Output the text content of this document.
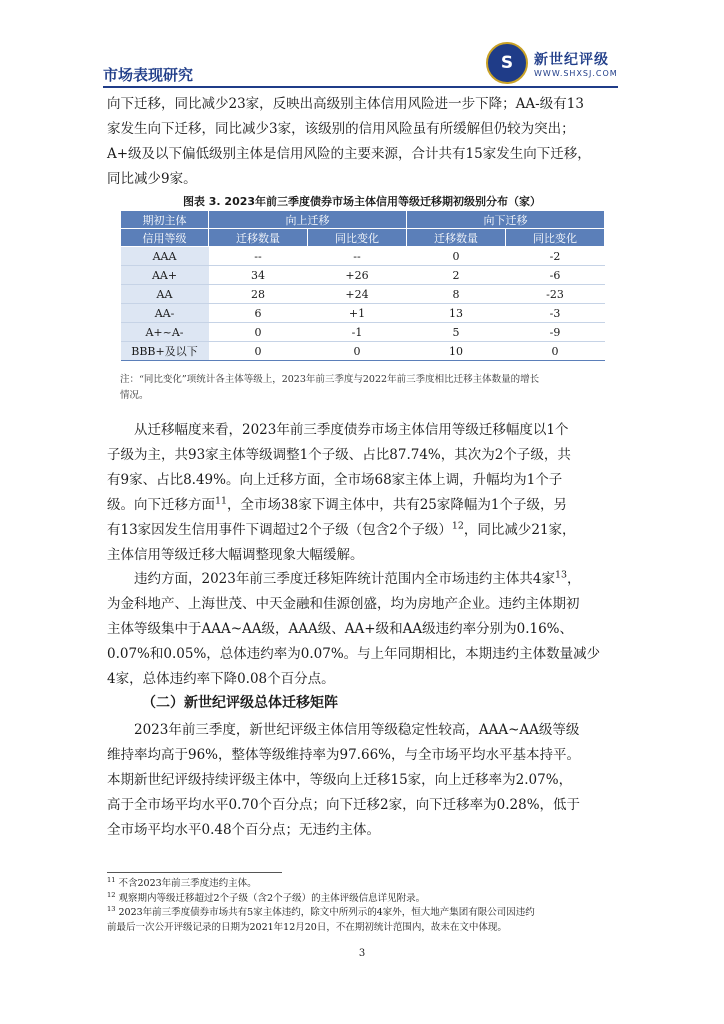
市场表现研究
S	新世纪评级
WWW.SHXSJ.COM

向下迁移，同比减少23家，反映出高级别主体信用风险进一步下降；AA-级有13

家发生向下迁移，同比减少3家，该级别的信用风险虽有所缓解但仍较为突出；

A+级及以下偏低级别主体是信用风险的主要来源，合计共有15家发生向下迁移，

同比减少9家。

图表 3. 2023年前三季度债券市场主体信用等级迁移期初级别分布（家）
期初主体	向上迁移		向下迁移	
信用等级	迁移数量	同比变化	迁移数量	同比变化
AAA	--	--	0	-2
AA+	34	+26	2	-6
AA	28	+24	8	-23
AA-	6	+1	13	-3
A+~A-	0	-1	5	-9
BBB+及以下	0	0	10	0

注：“同比变化”项统计各主体等级上，2023年前三季度与2022年前三季度相比迁移主体数量的增长

情况。

从迁移幅度来看，2023年前三季度债券市场主体信用等级迁移幅度以1个

子级为主，共93家主体等级调整1个子级、占比87.74%，其次为2个子级，共

有9家、占比8.49%。向上迁移方面，全市场68家主体上调，升幅均为1个子

级。向下迁移方面$^{11}$，全市场38家下调主体中，共有25家降幅为1个子级，另

有13家因发生信用事件下调超过2个子级（包含2个子级）$^{12}$，同比减少21家，

主体信用等级迁移大幅调整现象大幅缓解。

违约方面，2023年前三季度迁移矩阵统计范围内全市场违约主体共4家$^{13}$，

为金科地产、上海世茂、中天金融和佳源创盛，均为房地产企业。违约主体期初

主体等级集中于AAA~AA级，AAA级、AA+级和AA级违约率分别为0.16%、

0.07%和0.05%，总体违约率为0.07%。与上年同期相比，本期违约主体数量减少

4家，总体违约率下降0.08个百分点。

（二）新世纪评级总体迁移矩阵

2023年前三季度，新世纪评级主体信用等级稳定性较高，AAA~AA级等级

维持率均高于96%，整体等级维持率为97.66%，与全市场平均水平基本持平。

本期新世纪评级持续评级主体中，等级向上迁移15家，向上迁移率为2.07%，

高于全市场平均水平0.70个百分点；向下迁移2家，向下迁移率为0.28%，低于

全市场平均水平0.48个百分点；无违约主体。

$^{11}$ 不含2023年前三季度违约主体。

$^{12}$ 观察期内等级迁移超过2个子级（含2个子级）的主体评级信息详见附录。

$^{13}$ 2023年前三季度债券市场共有5家主体违约，除文中所列示的4家外，恒大地产集团有限公司因违约

前最后一次公开评级记录的日期为2021年12月20日，不在期初统计范围内，故未在文中体现。

3
